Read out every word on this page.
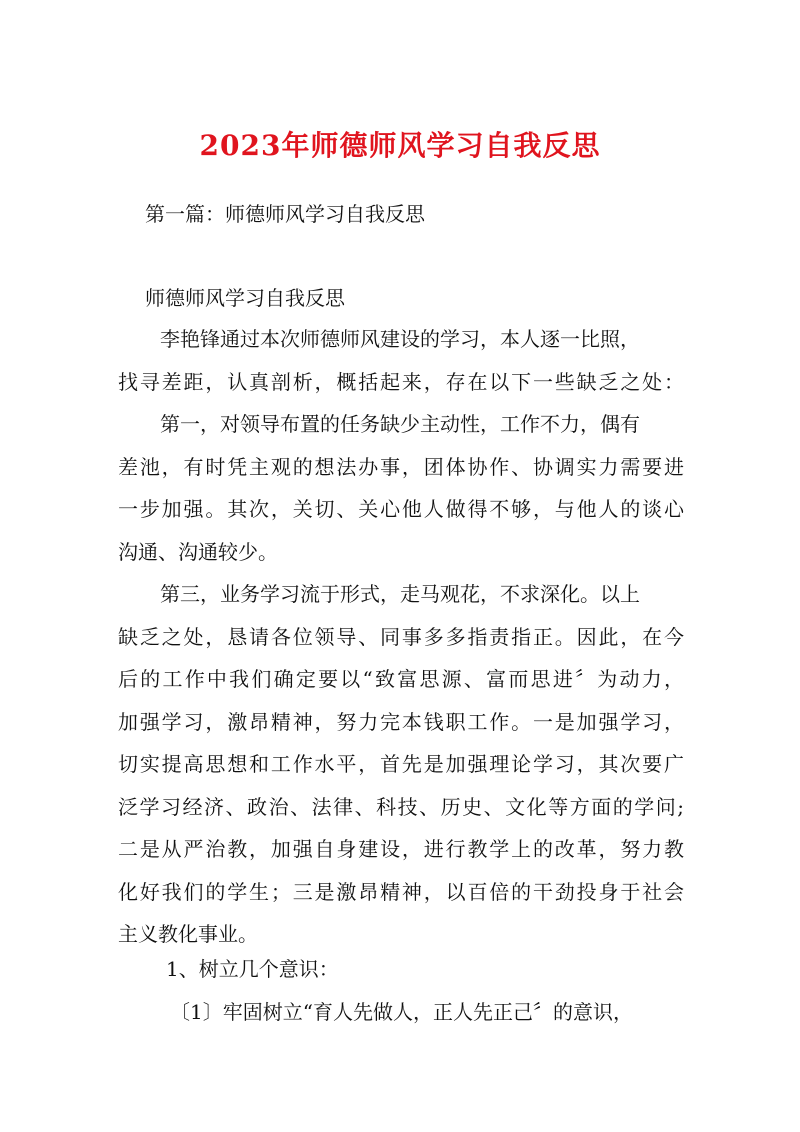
2023年师德师风学习自我反思
第一篇：师德师风学习自我反思
师德师风学习自我反思
李艳锋通过本次师德师风建设的学习，本人逐一比照，
找寻差距，认真剖析，概括起来，存在以下一些缺乏之处：
第一，对领导布置的任务缺少主动性，工作不力，偶有
差池，有时凭主观的想法办事，团体协作、协调实力需要进
一步加强。其次，关切、关心他人做得不够，与他人的谈心
沟通、沟通较少。
第三，业务学习流于形式，走马观花，不求深化。以上
缺乏之处，恳请各位领导、同事多多指责指正。因此，在今
后的工作中我们确定要以“致富思源、富而思进〞为动力，
加强学习，激昂精神，努力完本钱职工作。一是加强学习，
切实提高思想和工作水平，首先是加强理论学习，其次要广
泛学习经济、政治、法律、科技、历史、文化等方面的学问;
二是从严治教，加强自身建设，进行教学上的改革，努力教
化好我们的学生；三是激昂精神，以百倍的干劲投身于社会
主义教化事业。
1、树立几个意识：
〔1〕牢固树立“育人先做人，正人先正己〞的意识，
